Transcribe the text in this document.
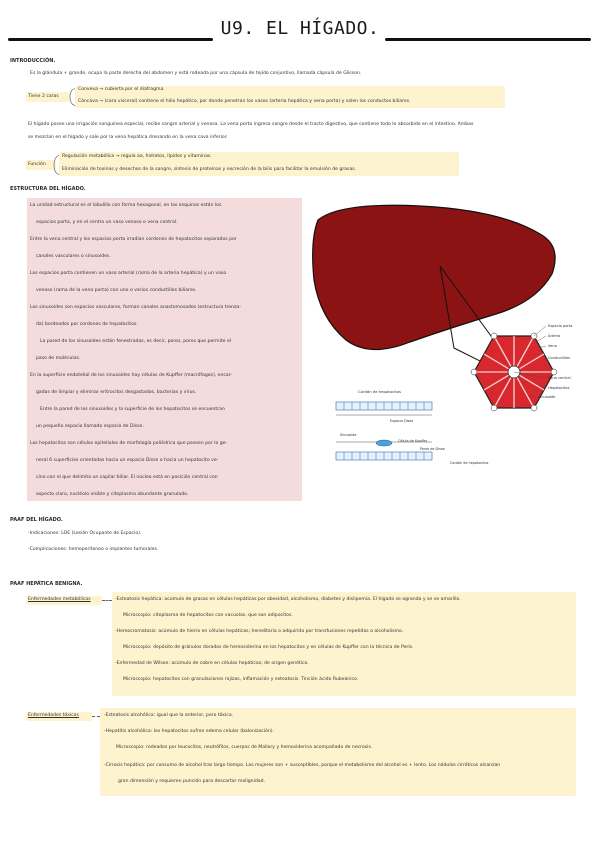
U9. EL HÍGADO.
INTRODUCCIÓN.
Es la glándula + grande, ocupa la parte derecha del abdomen y está rodeada por una cápsula de tejido conjuntivo, llamada cápsula de Glisson.
Tiene 2 caras
Convexa → cubierta por el diafragma.
Cóncava → (cara visceral) contiene el hilio hepático, por donde penetran los vasos (arteria hepática y vena porta) y salen los conductos biliares.
El hígado posee una irrigación sanguínea especial, recibe sangre arterial y venosa. La vena porta ingresa sangre desde el tracto digestivo, que contiene todo lo absorbido en el intestino. Ambas
se mezclan en el hígado y sale por la vena hepática drenando en la vena cava inferior.
Función
Regulación metabólica → regula aa, hidratos, lípidos y vitaminas.
Eliminación de toxinas y desechos de la sangre, síntesis de proteínas y excreción de la bilis para facilitar la emulsión de grasas.
ESTRUCTURA DEL HÍGADO.
La unidad estructural es el lobulillo con forma hexagonal, en las esquinas están los
espacios porta, y en el centro un vaso venoso o vena central.
Entre la vena central y los espacios porta irradian cordones de hepatocitos separados por
canales vasculares o sinusoides.
Los espacios porta contienen un vaso arterial (rama de la arteria hepática) y un vaso
venoso (rama de la vena porta) con uno o varios conductillos biliares.
Los sinusoides son espacios vasculares, forman canales anastomosados (estructura trenza-
da) bordeados por cordones de hepatocitos.
La pared de los sinusoides están fenestradas, es decir, poros, poros que permite el
paso de moléculas.
En la superficie endotelial de los sinusoides hay células de Kupffer (macrófagos), encar-
gadas de limpiar y eliminar eritrocitos desgastados, bacterias y virus.
Entre la pared de los sinusoides y la superficie de los hepatocitos se encuentran
un pequeño espacio llamado espacio de Disse.
Los hepatocitos son células epiteliales de morfología poliédrica que poseen por lo ge-
neral 6 superficies orientadas hacia un espacio Disse o hacia un hepatocito ve-
cino con el que delimita un capilar biliar. El núcleo está en posición central con
aspecto claro, nucléolo visible y citoplasma abundante granulado.
Espacio porta
Arteria
Vena
Conductillos
Vena central
Hepatocitos
Sinusoide
Cordón de hepatocitos
Espacio Disse
Sinusoide
Célula de Kupffer
Poros de Disse
Cordón de hepatocitos
PAAF DEL HÍGADO.
-Indicaciones: LOE (Lesión Ocupante de Espacio).
-Complicaciones: hemoperitoneo o implantes tumorales.
PAAF HEPÁTICA BENIGNA.
Enfermedades metabólicas	-Esteatosis hepática: acúmulo de grasas en células hepáticas por obesidad, alcoholismo, diabetes y dislipemia. El hígado se agranda y se ve amarillo.
Microscopio: citoplasma de hepatocitos con vacuolas, que son adipocitos.
-Hemocromatosis: acúmulo de hierro en células hepáticas; hereditaria o adquirida por transfusiones repetidas o alcoholismo.
Microscopio: depósito de gránulos dorados de hemosiderina en los hepatocitos y en células de Kupffer con la técnica de Perls.
-Enfermedad de Wilson: acúmulo de cobre en células hepáticas; de origen genético.
Microscopio: hepatocitos con granulaciones rojizas, inflamación y esteatosis. Tinción ácido Rubeánico.
Enfermedades tóxicas	-Esteatosis alcohólica: igual que la anterior, pero tóxica.
-Hepatitis alcohólica: los hepatocitos sufren edema celular (balonización).
Microscopio: rodeados por leucocitos, neutrófilos, cuerpos de Mallory y hemosiderina acompañado de necrosis.
-Cirrosis hepática: por consumo de alcohol tras largo tiempo. Las mujeres son + susceptibles, porque el metabolismo del alcohol es + lento. Los nódulos cirróticos alcanzan
gran dimensión y requieren punción para descartar malignidad.
